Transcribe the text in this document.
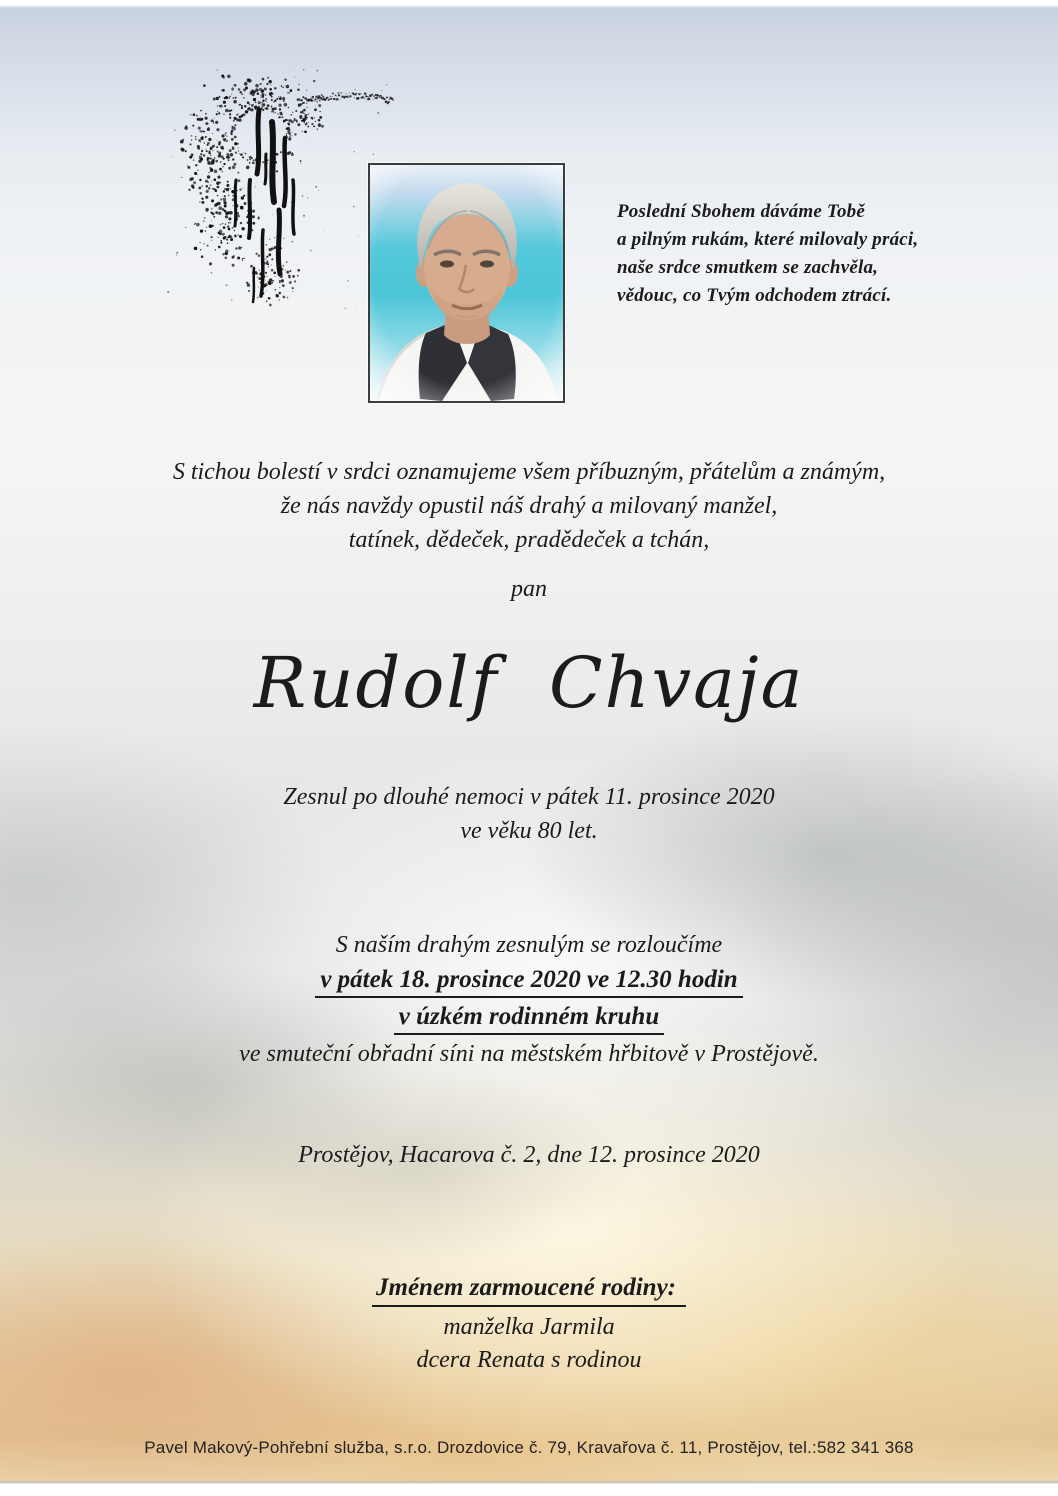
Poslední Sbohem dáváme Tobě
a pilným rukám, které milovaly práci,
naše srdce smutkem se zachvěla,
vědouc, co Tvým odchodem ztrácí.
S tichou bolestí v srdci oznamujeme všem příbuzným, přátelům a známým,
že nás navždy opustil náš drahý a milovaný manžel,
tatínek, dědeček, pradědeček a tchán,
pan
Rudolf Chvaja
Zesnul po dlouhé nemoci v pátek 11. prosince 2020
ve věku 80 let.
S naším drahým zesnulým se rozloučíme
v pátek 18. prosince 2020 ve 12.30 hodin
v úzkém rodinném kruhu
ve smuteční obřadní síni na městském hřbitově v Prostějově.
Prostějov, Hacarova č. 2, dne 12. prosince 2020
Jménem zarmoucené rodiny:
manželka Jarmila
dcera Renata s rodinou
Pavel Makový-Pohřební služba, s.r.o. Drozdovice č. 79, Kravařova č. 11, Prostějov, tel.:582 341 368
